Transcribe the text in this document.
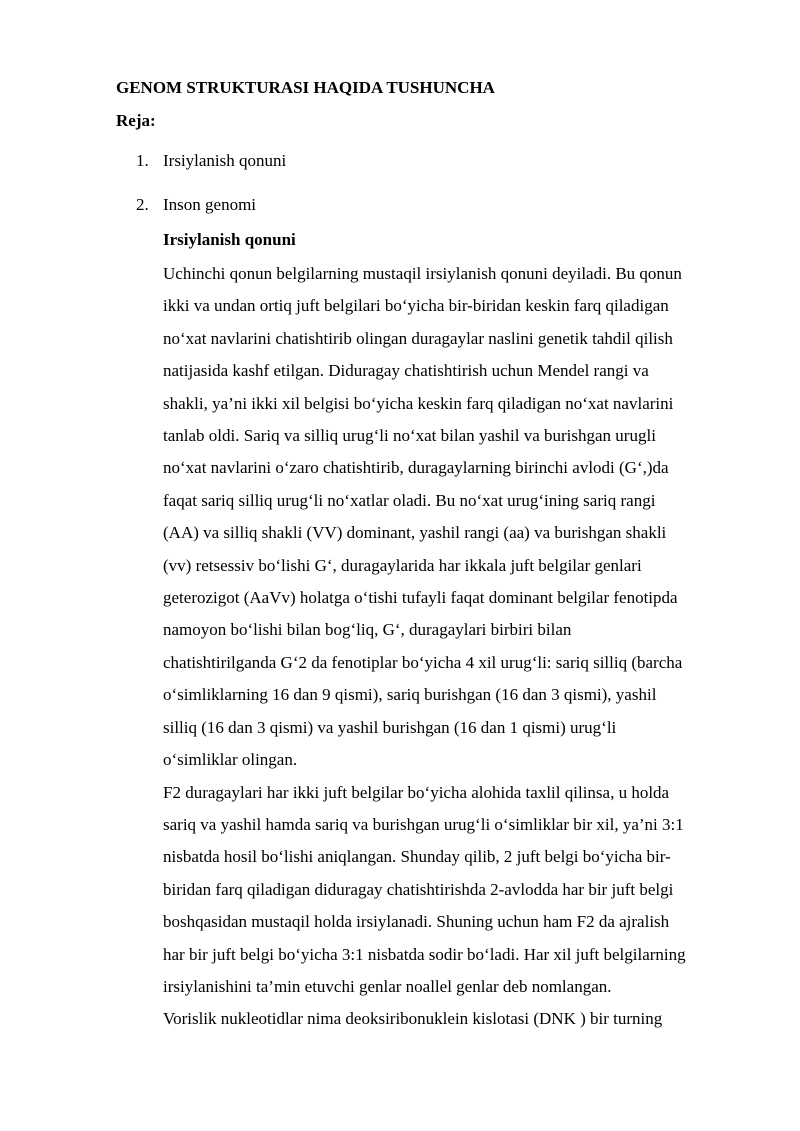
GENOM STRUKTURASI HAQIDA TUSHUNCHA
Reja:
1. Irsiylanish qonuni
2. Inson genomi
Irsiylanish qonuni

Uchinchi qonun belgilarning mustaqil irsiylanish qonuni deyiladi. Bu qonun
ikki va undan ortiq juft belgilari bo‘yicha bir-biridan keskin farq qiladigan
no‘xat navlarini chatishtirib olingan duragaylar naslini genetik tahdil qilish
natijasida kashf etilgan. Diduragay chatishtirish uchun Mendel rangi va
shakli, ya’ni ikki xil belgisi bo‘yicha keskin farq qiladigan no‘xat navlarini
tanlab oldi. Sariq va silliq urug‘li no‘xat bilan yashil va burishgan urugli
no‘xat navlarini o‘zaro chatishtirib, duragaylarning birinchi avlodi (G‘,)da
faqat sariq silliq urug‘li no‘xatlar oladi. Bu no‘xat urug‘ining sariq rangi
(AA) va silliq shakli (VV) dominant, yashil rangi (aa) va burishgan shakli
(vv) retsessiv bo‘lishi G‘, duragaylarida har ikkala juft belgilar genlari
geterozigot (AaVv) holatga o‘tishi tufayli faqat dominant belgilar fenotipda
namoyon bo‘lishi bilan bog‘liq, G‘, duragaylari birbiri bilan
chatishtirilganda G‘2 da fenotiplar bo‘yicha 4 xil urug‘li: sariq silliq (barcha
o‘simliklarning 16 dan 9 qismi), sariq burishgan (16 dan 3 qismi), yashil
silliq (16 dan 3 qismi) va yashil burishgan (16 dan 1 qismi) urug‘li
o‘simliklar olingan.

F2 duragaylari har ikki juft belgilar bo‘yicha alohida taxlil qilinsa, u holda
sariq va yashil hamda sariq va burishgan urug‘li o‘simliklar bir xil, ya’ni 3:1
nisbatda hosil bo‘lishi aniqlangan. Shunday qilib, 2 juft belgi bo‘yicha bir-
biridan farq qiladigan diduragay chatishtirishda 2-avlodda har bir juft belgi
boshqasidan mustaqil holda irsiylanadi. Shuning uchun ham F2 da ajralish
har bir juft belgi bo‘yicha 3:1 nisbatda sodir bo‘ladi. Har xil juft belgilarning
irsiylanishini ta’min etuvchi genlar noallel genlar deb nomlangan.

Vorislik nukleotidlar nima deoksiribonuklein kislotasi (DNK ) bir turning
